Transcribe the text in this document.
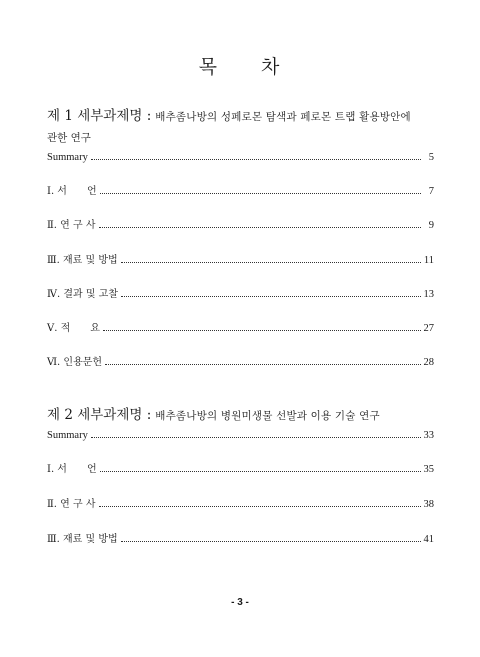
목 차
제 1 세부과제명 : 배추좀나방의 성페로몬 탐색과 페로몬 트랩 활용방안에
관한 연구
Summary	5
Ⅰ. 서　　언	7
Ⅱ. 연 구 사	9
Ⅲ. 재료 및 방법	11
Ⅳ. 결과 및 고찰	13
Ⅴ. 적　　요	27
Ⅵ. 인용문헌	28
제 2 세부과제명 : 배추좀나방의 병원미생물 선발과 이용 기술 연구
Summary	33
Ⅰ. 서　　언	35
Ⅱ. 연 구 사	38
Ⅲ. 재료 및 방법	41
- 3 -
